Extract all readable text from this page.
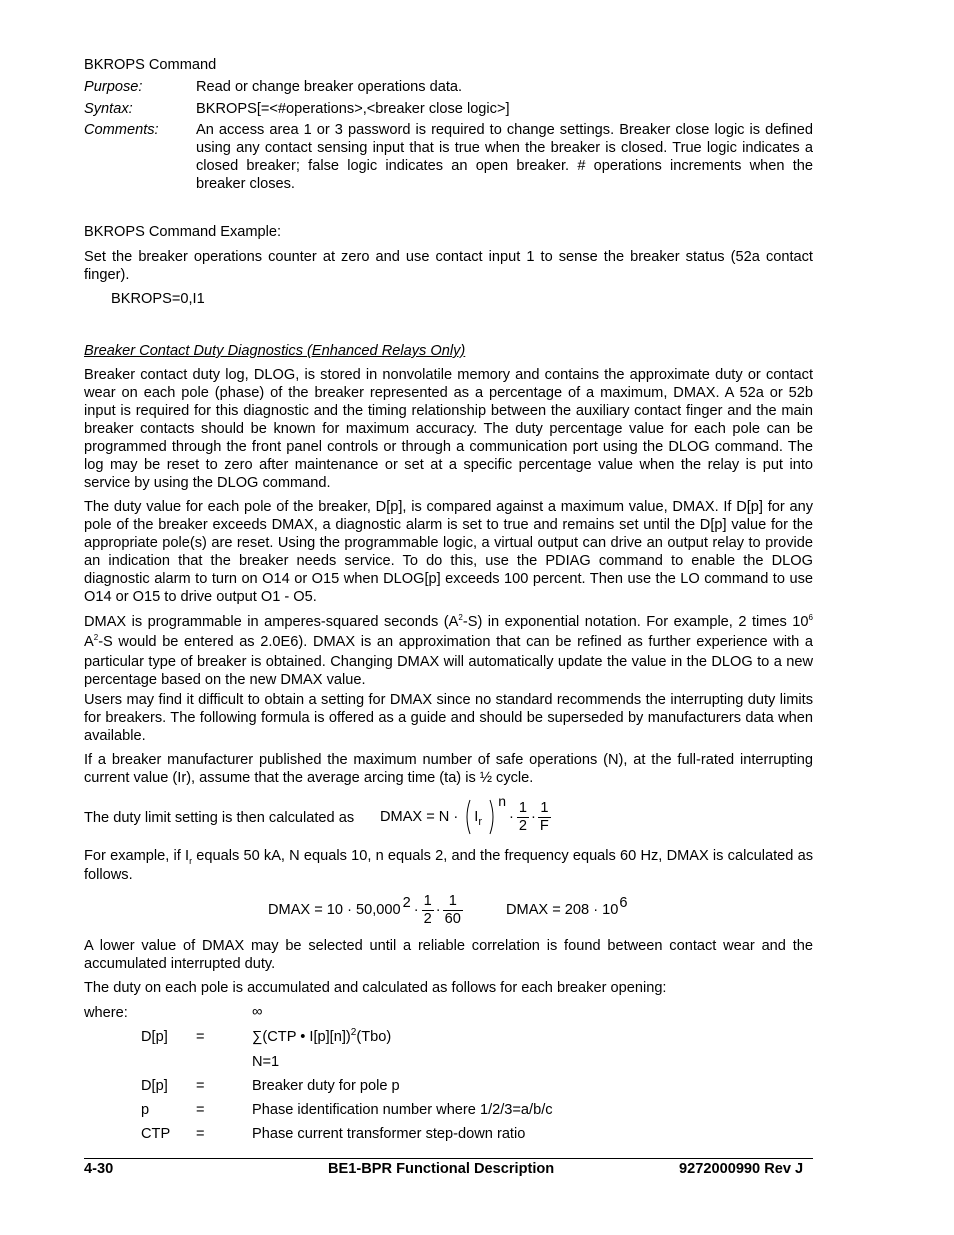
BKROPS Command
Purpose:	Read or change breaker operations data.
Syntax:	BKROPS[=<#operations>,<breaker close logic>]
Comments:	An access area 1 or 3 password is required to change settings. Breaker close logic is defined using any contact sensing input that is true when the breaker is closed. True logic indicates a closed breaker; false logic indicates an open breaker. # operations increments when the breaker closes.
BKROPS Command Example:
Set the breaker operations counter at zero and use contact input 1 to sense the breaker status (52a contact finger).
BKROPS=0,I1
Breaker Contact Duty Diagnostics (Enhanced Relays Only)
Breaker contact duty log, DLOG, is stored in nonvolatile memory and contains the approximate duty or contact wear on each pole (phase) of the breaker represented as a percentage of a maximum, DMAX. A 52a or 52b input is required for this diagnostic and the timing relationship between the auxiliary contact finger and the main breaker contacts should be known for maximum accuracy. The duty percentage value for each pole can be programmed through the front panel controls or through a communication port using the DLOG command. The log may be reset to zero after maintenance or set at a specific percentage value when the relay is put into service by using the DLOG command.
The duty value for each pole of the breaker, D[p], is compared against a maximum value, DMAX. If D[p] for any pole of the breaker exceeds DMAX, a diagnostic alarm is set to true and remains set until the D[p] value for the appropriate pole(s) are reset. Using the programmable logic, a virtual output can drive an output relay to provide an indication that the breaker needs service. To do this, use the PDIAG command to enable the DLOG diagnostic alarm to turn on O14 or O15 when DLOG[p] exceeds 100 percent. Then use the LO command to use O14 or O15 to drive output O1 - O5.
DMAX is programmable in amperes-squared seconds $(A^2-S)$ in exponential notation. For example, 2 times $10^6$ $A^2-S$ would be entered as 2.0E6). DMAX is an approximation that can be refined as further experience with a particular type of breaker is obtained. Changing DMAX will automatically update the value in the DLOG to a new percentage based on the new DMAX value.
Users may find it difficult to obtain a setting for DMAX since no standard recommends the interrupting duty limits for breakers. The following formula is offered as a guide and should be superseded by manufacturers data when available.
If a breaker manufacturer published the maximum number of safe operations (N), at the full-rated interrupting current value (Ir), assume that the average arcing time (ta) is ½ cycle.
The duty limit setting is then calculated as DMAX = $N \cdot I_r$
n
·
1
2
·
1
F
For example, if $I_r$ equals 50 kA, N equals 10, n equals 2, and the frequency equals 60 Hz, DMAX is calculated as follows.
DMAX = 10 · 50,000 2 ·
1
2
·
1
60
DMAX = 208 · 10 6
A lower value of DMAX may be selected until a reliable correlation is found between contact wear and the accumulated interrupted duty.
The duty on each pole is accumulated and calculated as follows for each breaker opening:
where:	∞
D[p] =	∑(CTP • I[p][n])$^2$(Tbo)
N=1
D[p] =	Breaker duty for pole p
p	=	Phase identification number where 1/2/3=a/b/c
CTP =	Phase current transformer step-down ratio
4-30	BE1-BPR Functional Description	9272000990 Rev J
